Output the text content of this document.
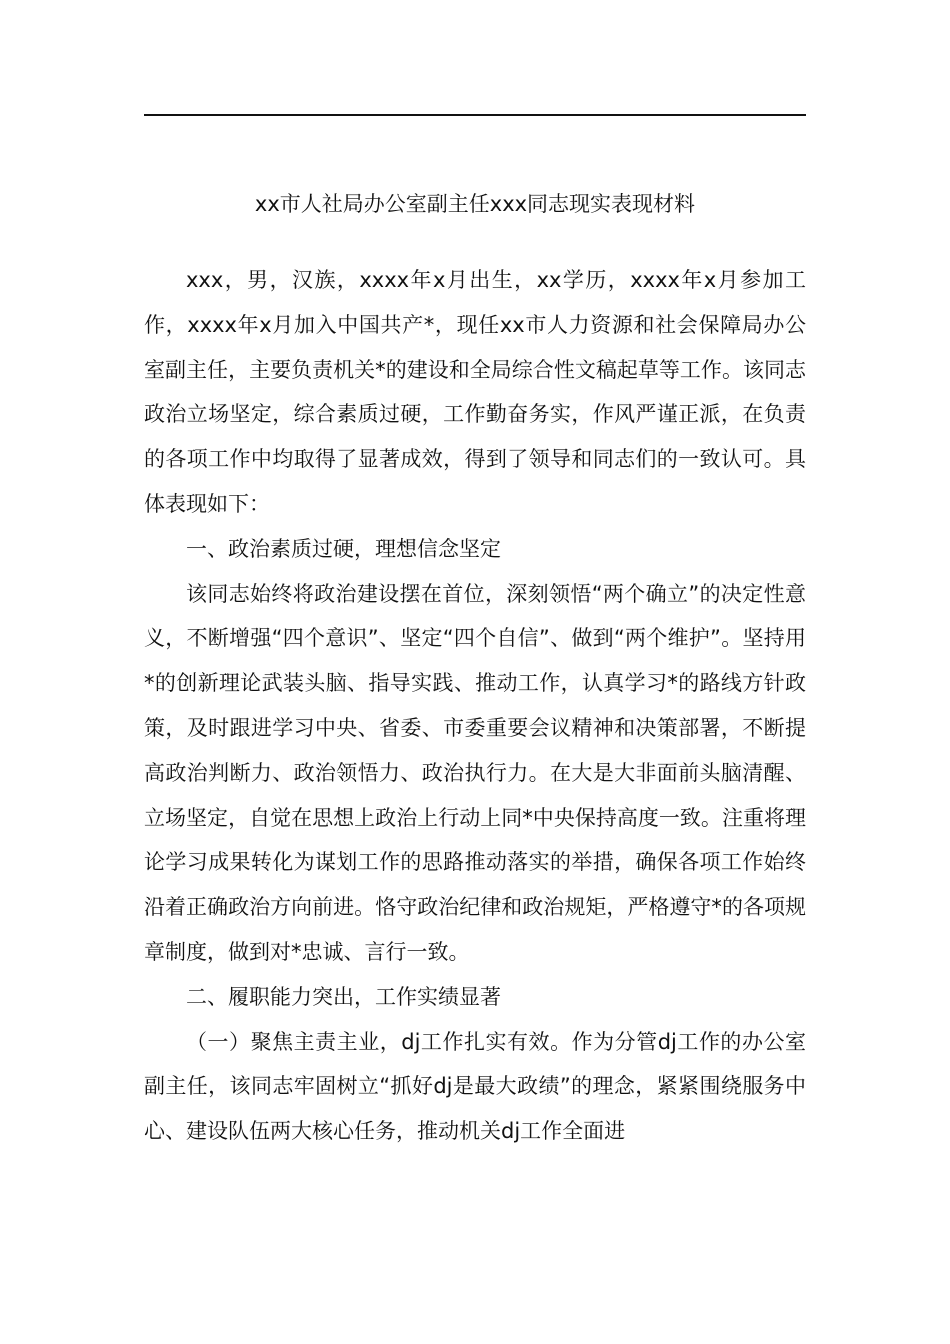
xx市人社局办公室副主任xxx同志现实表现材料

xxx，男，汉族，xxxx年x月出生，xx学历，xxxx年x月参加工作，xxxx年x月加入中国共产*，现任xx市人力资源和社会保障局办公室副主任，主要负责机关*的建设和全局综合性文稿起草等工作。该同志政治立场坚定，综合素质过硬，工作勤奋务实，作风严谨正派，在负责的各项工作中均取得了显著成效，得到了领导和同志们的一致认可。具体表现如下：

一、政治素质过硬，理想信念坚定

该同志始终将政治建设摆在首位，深刻领悟“两个确立”的决定性意义，不断增强“四个意识”、坚定“四个自信”、做到“两个维护”。坚持用*的创新理论武装头脑、指导实践、推动工作，认真学习*的路线方针政策，及时跟进学习中央、省委、市委重要会议精神和决策部署，不断提高政治判断力、政治领悟力、政治执行力。在大是大非面前头脑清醒、立场坚定，自觉在思想上政治上行动上同*中央保持高度一致。注重将理论学习成果转化为谋划工作的思路推动落实的举措，确保各项工作始终沿着正确政治方向前进。恪守政治纪律和政治规矩，严格遵守*的各项规章制度，做到对*忠诚、言行一致。

二、履职能力突出，工作实绩显著

（一）聚焦主责主业，dj工作扎实有效。作为分管dj工作的办公室副主任，该同志牢固树立“抓好dj是最大政绩”的理念，紧紧围绕服务中心、建设队伍两大核心任务，推动机关dj工作全面进
